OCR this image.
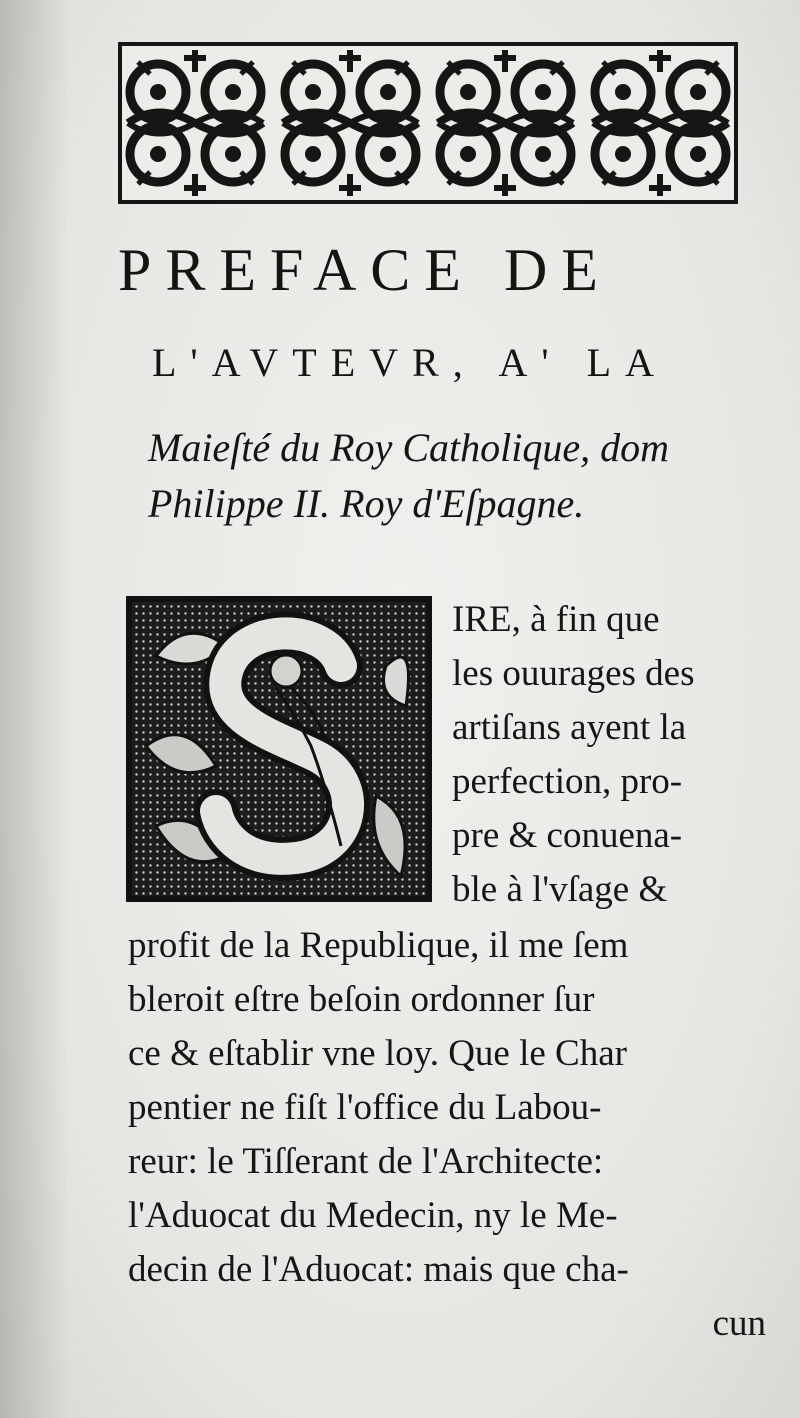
PREFACE DE
L'AVTEVR, A' LA

Maieſté du Roy Catholique, dom

Philippe II. Roy d'Eſpagne.

IRE, à fin que

les ouurages des

artiſans ayent la

perfection, pro-

pre & conuena-

ble à l'vſage &

profit de la Republique, il me ſem

bleroit eſtre beſoin ordonner ſur

ce & eſtablir vne loy. Que le Char

pentier ne fiſt l'office du Labou-

reur: le Tiſſerant de l'Architecte:

l'Aduocat du Medecin, ny le Me-

decin de l'Aduocat: mais que cha-

cun
